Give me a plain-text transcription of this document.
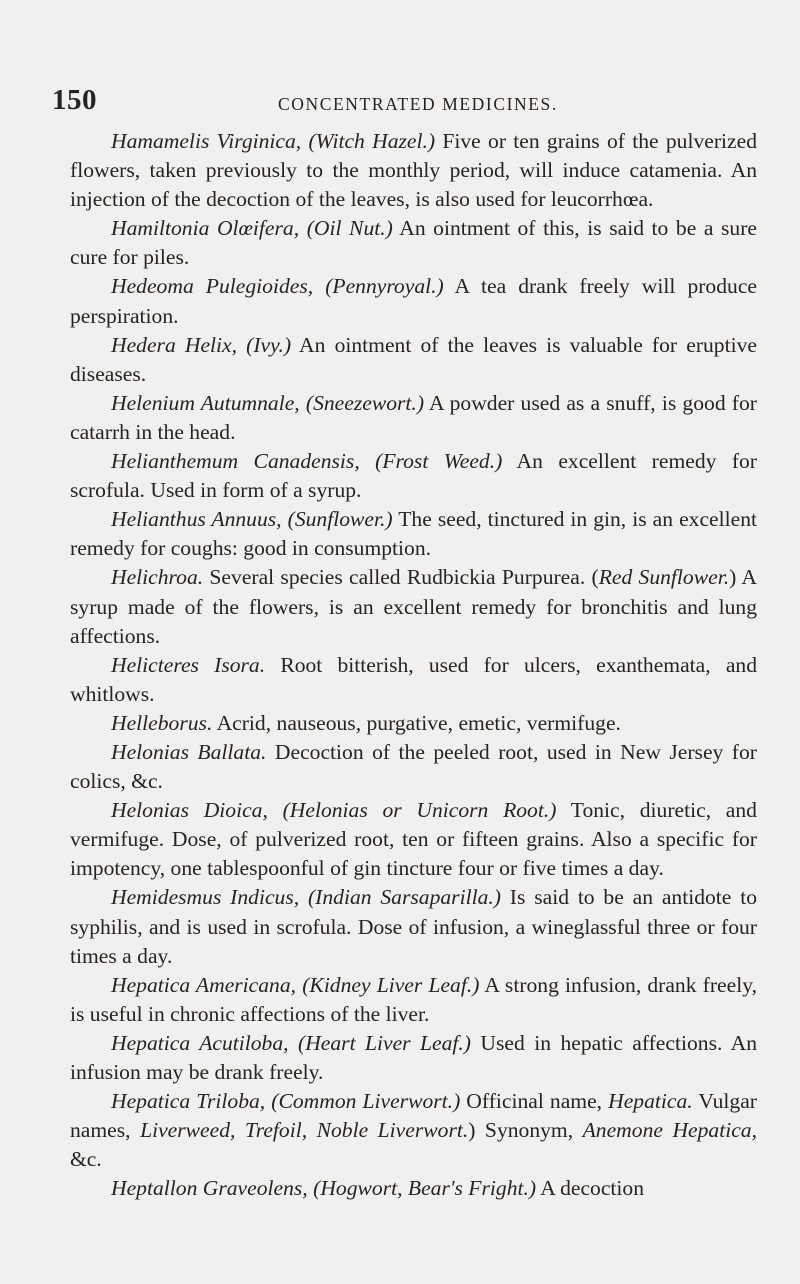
150	CONCENTRATED MEDICINES.

Hamamelis Virginica, (Witch Hazel.) Five or ten grains of the pulverized flowers, taken previously to the monthly period, will induce catamenia. An injection of the decoction of the leaves, is also used for leucorrhœa.

Hamiltonia Olœifera, (Oil Nut.) An ointment of this, is said to be a sure cure for piles.

Hedeoma Pulegioides, (Pennyroyal.) A tea drank freely will produce perspiration.

Hedera Helix, (Ivy.) An ointment of the leaves is valuable for eruptive diseases.

Helenium Autumnale, (Sneezewort.) A powder used as a snuff, is good for catarrh in the head.

Helianthemum Canadensis, (Frost Weed.) An excellent remedy for scrofula. Used in form of a syrup.

Helianthus Annuus, (Sunflower.) The seed, tinctured in gin, is an excellent remedy for coughs: good in consumption.

Helichroa. Several species called Rudbickia Purpurea. (Red Sunflower.) A syrup made of the flowers, is an excellent remedy for bronchitis and lung affections.

Helicteres Isora. Root bitterish, used for ulcers, exanthemata, and whitlows.

Helleborus. Acrid, nauseous, purgative, emetic, vermifuge.

Helonias Ballata. Decoction of the peeled root, used in New Jersey for colics, &c.

Helonias Dioica, (Helonias or Unicorn Root.) Tonic, diuretic, and vermifuge. Dose, of pulverized root, ten or fifteen grains. Also a specific for impotency, one tablespoonful of gin tincture four or five times a day.

Hemidesmus Indicus, (Indian Sarsaparilla.) Is said to be an antidote to syphilis, and is used in scrofula. Dose of infusion, a wineglassful three or four times a day.

Hepatica Americana, (Kidney Liver Leaf.) A strong infusion, drank freely, is useful in chronic affections of the liver.

Hepatica Acutiloba, (Heart Liver Leaf.) Used in hepatic affections. An infusion may be drank freely.

Hepatica Triloba, (Common Liverwort.) Officinal name, Hepatica. Vulgar names, Liverweed, Trefoil, Noble Liverwort.) Synonym, Anemone Hepatica, &c.

Heptallon Graveolens, (Hogwort, Bear's Fright.) A decoction
